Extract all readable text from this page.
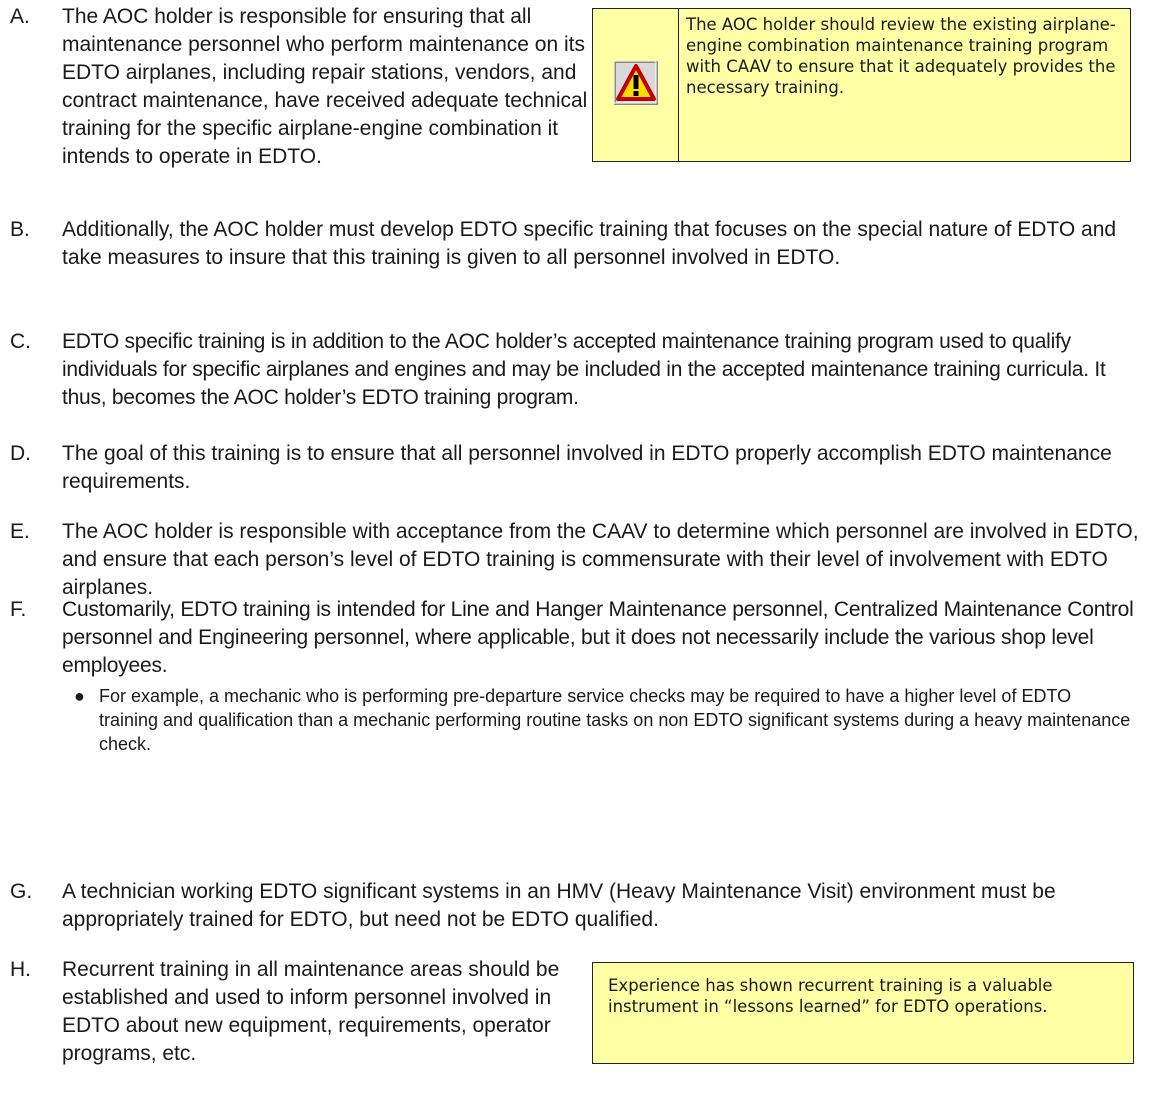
A.	The AOC holder is responsible for ensuring that all maintenance personnel who perform maintenance on its EDTO airplanes, including repair stations, vendors, and contract maintenance, have received adequate technical training for the specific airplane-engine combination it intends to operate in EDTO.
The AOC holder should review the existing airplane-engine combination maintenance training program with CAAV to ensure that it adequately provides the necessary training.
B.	Additionally, the AOC holder must develop EDTO specific training that focuses on the special nature of EDTO and take measures to insure that this training is given to all personnel involved in EDTO.
C.	EDTO specific training is in addition to the AOC holder’s accepted maintenance training program used to qualify individuals for specific airplanes and engines and may be included in the accepted maintenance training curricula. It thus, becomes the AOC holder’s EDTO training program.
D.	The goal of this training is to ensure that all personnel involved in EDTO properly accomplish EDTO maintenance requirements.
E.	The AOC holder is responsible with acceptance from the CAAV to determine which personnel are involved in EDTO, and ensure that each person’s level of EDTO training is commensurate with their level of involvement with EDTO airplanes.
F.	Customarily, EDTO training is intended for Line and Hanger Maintenance personnel, Centralized Maintenance Control personnel and Engineering personnel, where applicable, but it does not necessarily include the various shop level employees.
● For example, a mechanic who is performing pre-departure service checks may be required to have a higher level of EDTO training and qualification than a mechanic performing routine tasks on non EDTO significant systems during a heavy maintenance check.
G.	A technician working EDTO significant systems in an HMV (Heavy Maintenance Visit) environment must be appropriately trained for EDTO, but need not be EDTO qualified.
H.	Recurrent training in all maintenance areas should be established and used to inform personnel involved in EDTO about new equipment, requirements, operator programs, etc.
Experience has shown recurrent training is a valuable instrument in “lessons learned” for EDTO operations.
